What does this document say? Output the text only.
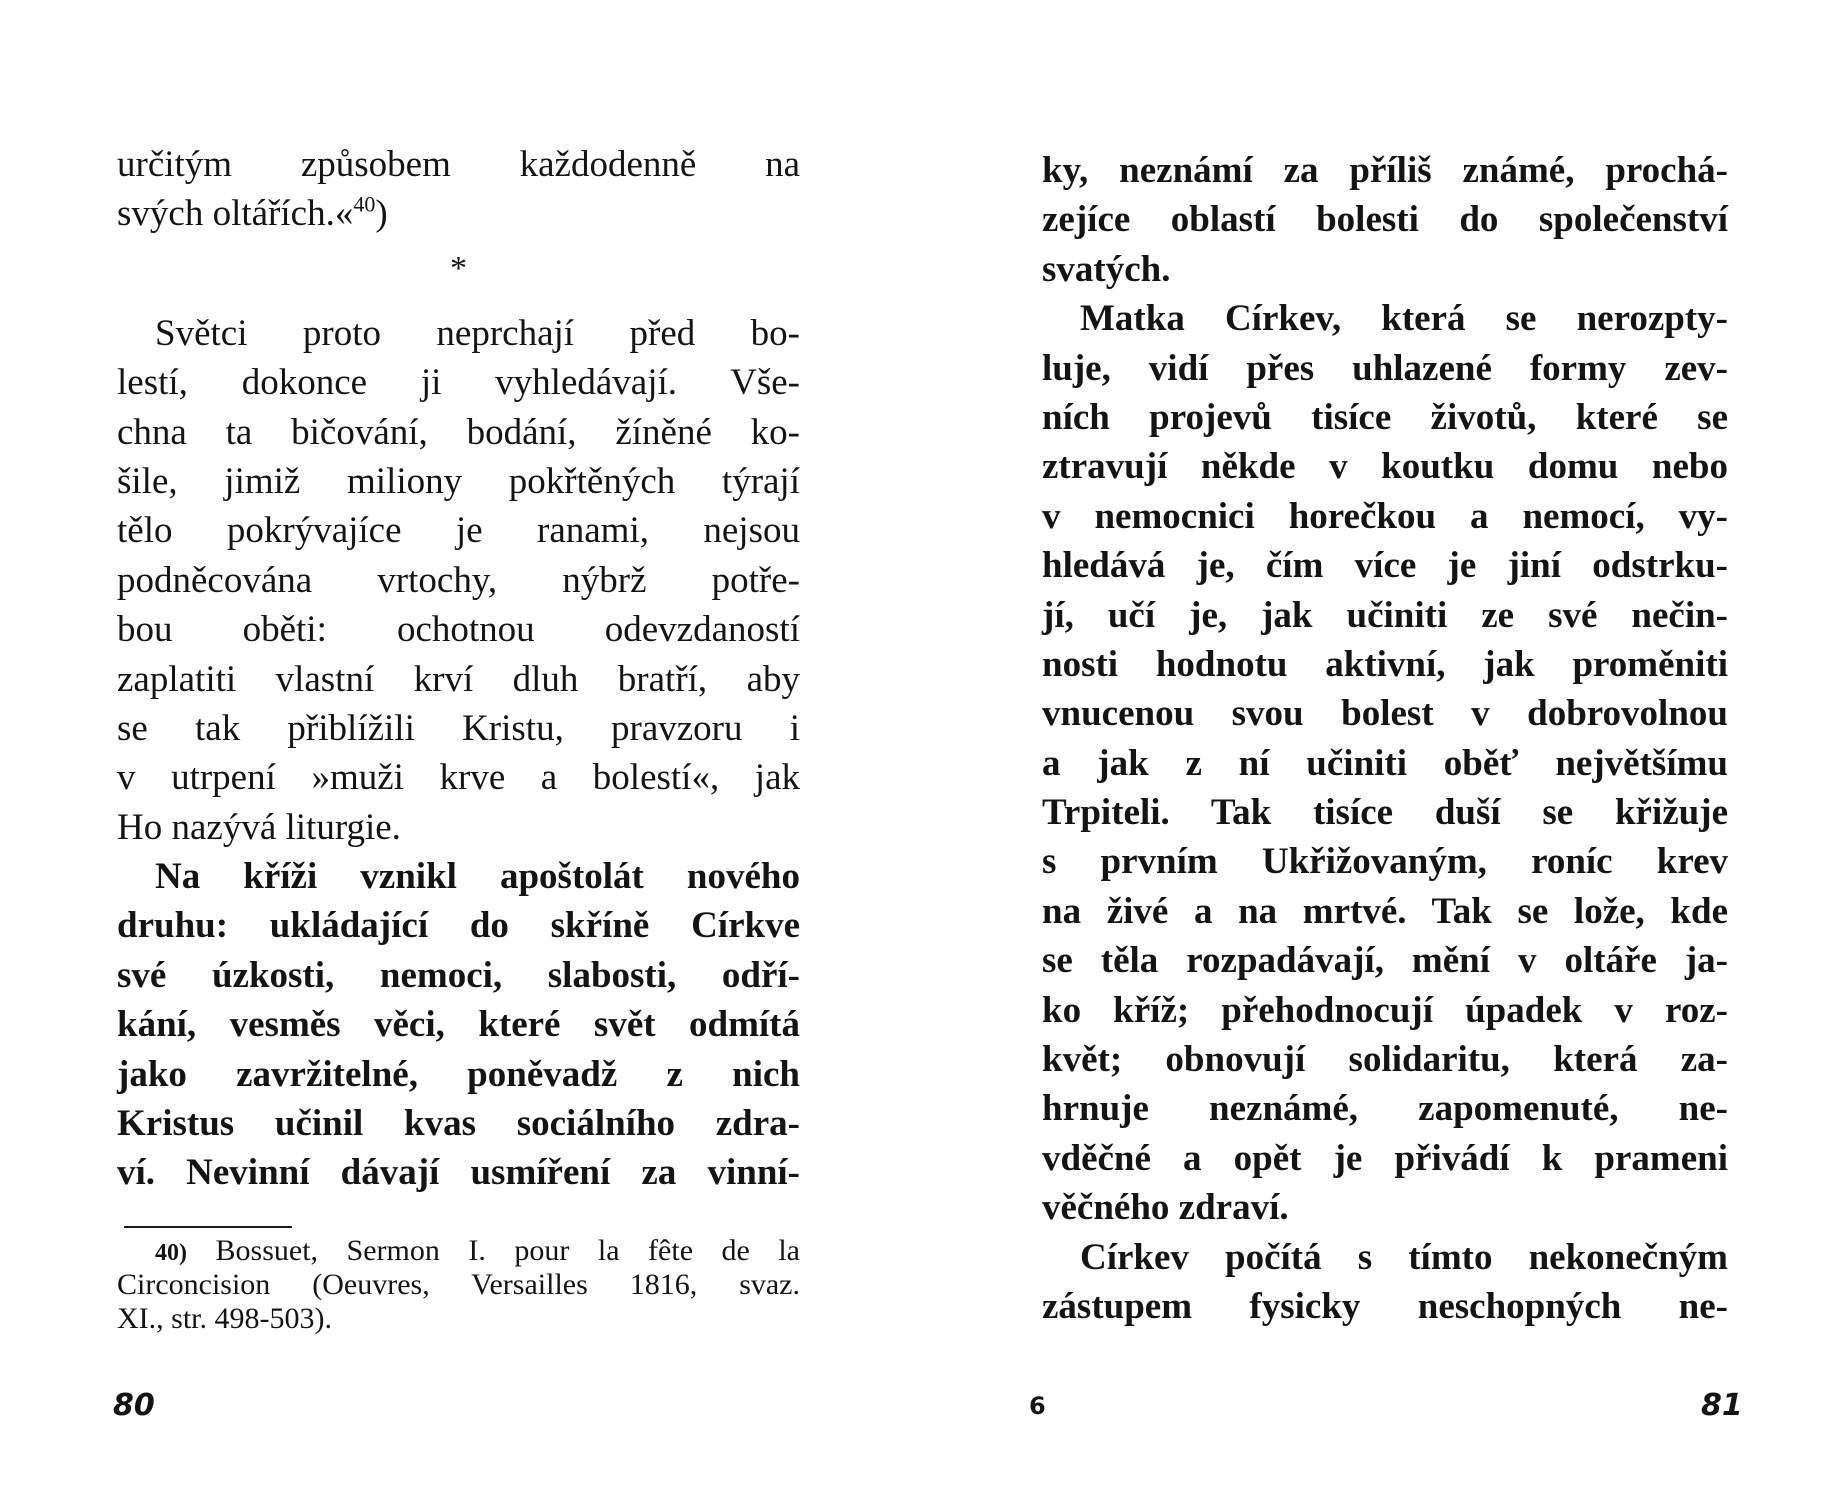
určitým způsobem každodenně na
svých oltářích.«$^{40}$)
*
Světci proto neprchají před bo-
lestí, dokonce ji vyhledávají. Vše-
chna ta bičování, bodání, žíněné ko-
šile, jimiž miliony pokřtěných týrají
tělo pokrývajíce je ranami, nejsou
podněcována vrtochy, nýbrž potře-
bou oběti: ochotnou odevzdaností
zaplatiti vlastní krví dluh bratří, aby
se tak přiblížili Kristu, pravzoru i
v utrpení »muži krve a bolestí«, jak
Ho nazývá liturgie.
Na kříži vznikl apoštolát nového
druhu: ukládající do skříně Církve
své úzkosti, nemoci, slabosti, odří-
kání, vesměs věci, které svět odmítá
jako zavržitelné, poněvadž z nich
Kristus učinil kvas sociálního zdra-
ví. Nevinní dávají usmíření za vinní-
40) Bossuet, Sermon I. pour la fête de la
Circoncision (Oeuvres, Versailles 1816, svaz.
XI., str. 498-503).
80
ky, neznámí za příliš známé, prochá-
zejíce oblastí bolesti do společenství
svatých.
Matka Církev, která se nerozpty-
luje, vidí přes uhlazené formy zev-
ních projevů tisíce životů, které se
ztravují někde v koutku domu nebo
v nemocnici horečkou a nemocí, vy-
hledává je, čím více je jiní odstrku-
jí, učí je, jak učiniti ze své nečin-
nosti hodnotu aktivní, jak proměniti
vnucenou svou bolest v dobrovolnou
a jak z ní učiniti oběť největšímu
Trpiteli. Tak tisíce duší se křižuje
s prvním Ukřižovaným, roníc krev
na živé a na mrtvé. Tak se lože, kde
se těla rozpadávají, mění v oltáře ja-
ko kříž; přehodnocují úpadek v roz-
květ; obnovují solidaritu, která za-
hrnuje neznámé, zapomenuté, ne-
vděčné a opět je přivádí k prameni
věčného zdraví.
Církev počítá s tímto nekonečným
zástupem fysicky neschopných ne-
6	81
